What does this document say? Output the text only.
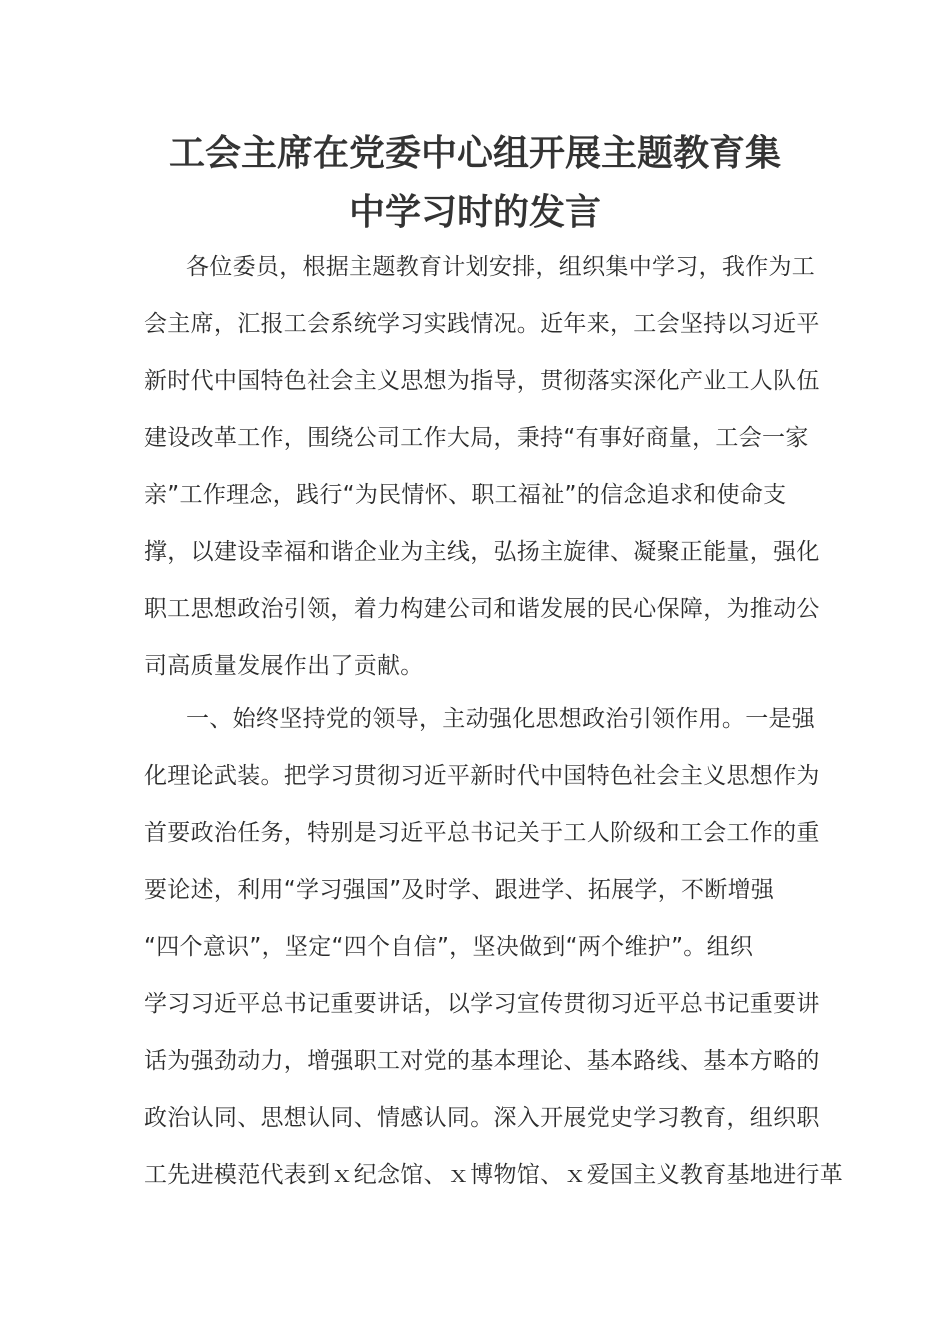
工会主席在党委中心组开展主题教育集
中学习时的发言
各位委员，根据主题教育计划安排，组织集中学习，我作为工
会主席，汇报工会系统学习实践情况。近年来，工会坚持以习近平
新时代中国特色社会主义思想为指导，贯彻落实深化产业工人队伍
建设改革工作，围绕公司工作大局，秉持“有事好商量，工会一家
亲”工作理念，践行“为民情怀、职工福祉”的信念追求和使命支
撑，以建设幸福和谐企业为主线，弘扬主旋律、凝聚正能量，强化
职工思想政治引领，着力构建公司和谐发展的民心保障，为推动公
司高质量发展作出了贡献。
一、始终坚持党的领导，主动强化思想政治引领作用。一是强
化理论武装。把学习贯彻习近平新时代中国特色社会主义思想作为
首要政治任务，特别是习近平总书记关于工人阶级和工会工作的重
要论述，利用“学习强国”及时学、跟进学、拓展学，不断增强
“四个意识”，坚定“四个自信”，坚决做到“两个维护”。组织
学习习近平总书记重要讲话，以学习宣传贯彻习近平总书记重要讲
话为强劲动力，增强职工对党的基本理论、基本路线、基本方略的
政治认同、思想认同、情感认同。深入开展党史学习教育，组织职
工先进模范代表到ｘ纪念馆、ｘ博物馆、ｘ爱国主义教育基地进行革
